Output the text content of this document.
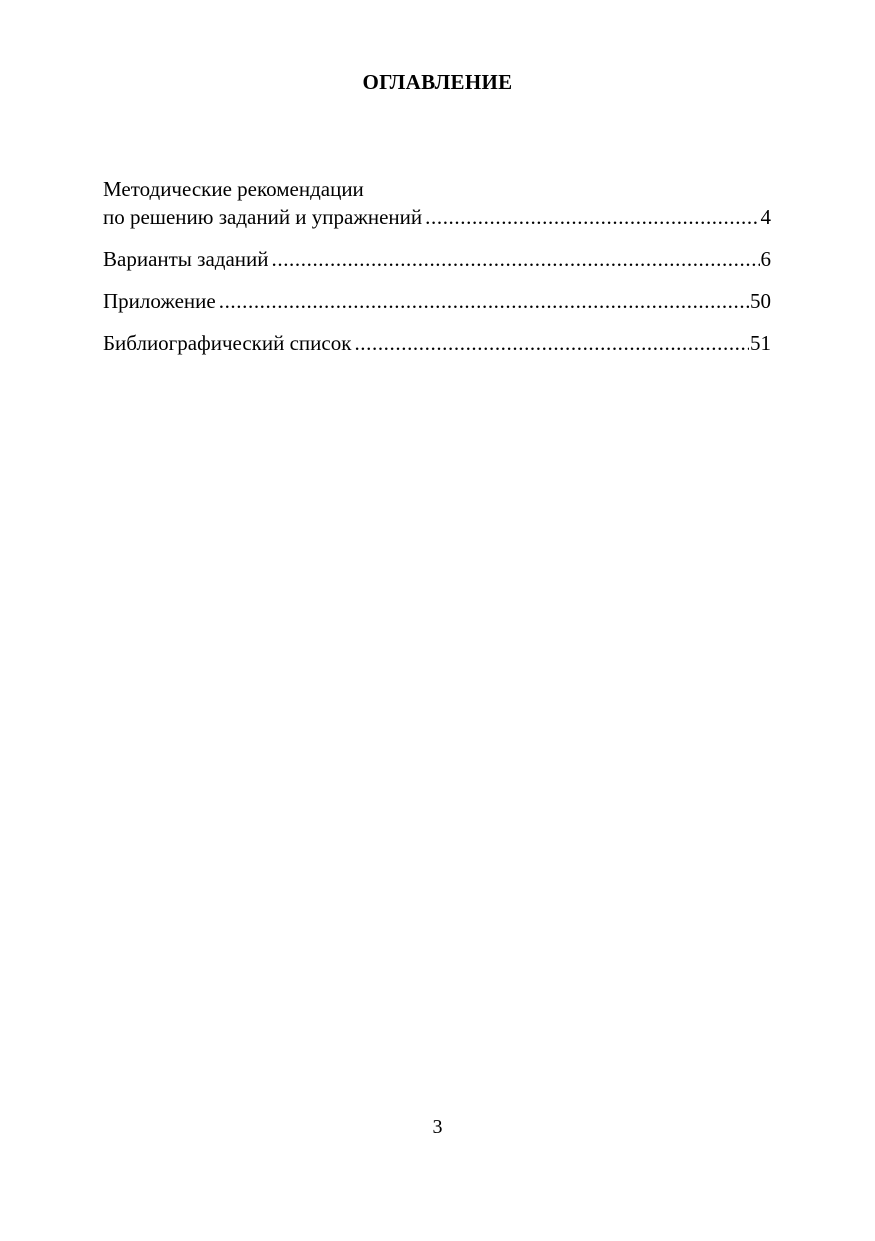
ОГЛАВЛЕНИЕ
Методические рекомендации
по решению заданий и упражнений .....	4
Варианты заданий .....	6
Приложение .....	50
Библиографический список .....	51
3
